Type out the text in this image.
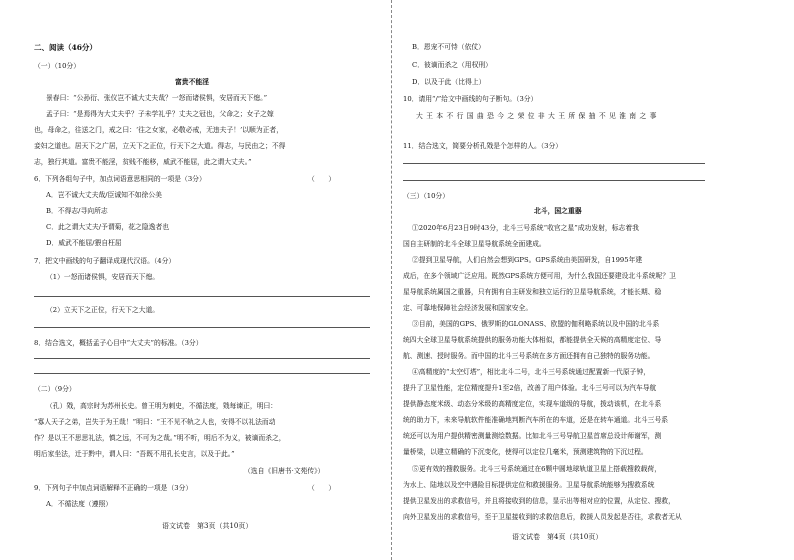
二、阅读（46分）
（一）（10分）
富贵不能淫
景春曰：“公孙衍、张仪岂不诚大丈夫哉？一怒而诸侯惧，安居而天下熄。”
孟子曰：“是焉得为大丈夫乎？子未学礼乎？丈夫之冠也，父命之；女子之嫁
也，母命之，往送之门，戒之曰：‘往之女家，必敬必戒，无违夫子！’以顺为正者，
妾妇之道也。居天下之广居，立天下之正位，行天下之大道。得志，与民由之；不得
志，独行其道。富贵不能淫，贫贱不能移，威武不能屈，此之谓大丈夫。”
6．下列各组句子中，加点词语意思相同的一项是（3分）	（　　）
A．岂不诚大丈夫哉/臣诚知不如徐公美
B．不得志/寻向所志
C．此之谓大丈夫/予谓菊，花之隐逸者也
D．威武不能屈/猥自枉屈
7．把文中画线的句子翻译成现代汉语。（4分）
（1）一怒而诸侯惧，安居而天下熄。
（2）立天下之正位，行天下之大道。
8．结合选文，概括孟子心目中“大丈夫”的标准。（3分）
（二）（9分）
（孔）戣，高宗时为苏州长史。曾王明为刺史，不循法度，戣每谏正，明曰：
“寡人天子之弟，岂失于为王哉！”明曰：“王不见不轨之人也，安得不以礼法而动
作？是以王不思思礼法，慎之远，不可为之哉。”明不听，明后不为义，被谪而杀之，
明后家坐法，迁于黔中，谓人曰：“吾既不用孔长史言，以及于此。”
（选自《旧唐书·文苑传》）
9．下列句子中加点词语解释不正确的一项是（3分）	（　　）
A．不循法度（遵照）
语文试卷　第3页（共10页）
B．恩宠不可恃（依仗）
C．彼谪而杀之（用权刑）
D．以及于此（比得上）
10．请用“/”给文中画线的句子断句。（3分）
大 王 本 不 行 国 曲 恐 今 之 荣 位 非 大 王 所 保 抽 不 见 淮 南 之 事
11．结合选文，简要分析孔戣是个怎样的人。（3分）
（三）（10分）
北斗，国之重器
①2020年6月23日9时43分，北斗三号系统“收官之星”成功发射，标志着我
国自主研制的北斗全球卫星导航系统全面建成。
②提到卫星导航，人们自然会想到GPS。GPS系统由美国研发，自1995年建
成后，在多个领域广泛应用。既然GPS系统方便可用，为什么我国还要建设北斗系统呢？卫
星导航系统属国之重器，只有拥有自主研发和独立运行的卫星导航系统，才能长期、稳
定、可靠地保障社会经济发展和国家安全。
③目前，美国的GPS、俄罗斯的GLONASS、欧盟的伽利略系统以及中国的北斗系
统四大全球卫星导航系统提供的服务功能大体相似，都能提供全天候的高精度定位、导
航、测速、授时服务。而中国的北斗三号系统在多方面还拥有自己独特的服务功能。
④高精度的“太空灯塔”，相比北斗二号，北斗三号系统通过配置新一代原子钟，
提升了卫星性能，定位精度提升1至2倍，改善了用户体验。北斗三号可以为汽车导航
提供静态度米级、动态分米级的高精度定位，实现车道级的导航，拨动该机，在北斗系
统的助力下，未来导航软件能准确地判断汽车所在的车道，还是在转车通道。北斗三号系
统还可以为用户提供精密测量测绘数据。比如北斗三号导航卫星首席总设计师谢军，测
量桥梁，以建立精确的下沉变化，使得可以定位几毫米，预测建筑物的下沉过程。
⑤更有效的搜救服务。北斗三号系统通过在6颗中圆地球轨道卫星上搭载搜救载荷，
为水上、陆地以及空中遇险目标提供定位和救援服务。卫星导航系统能够为搜救系统
提供卫星发出的求救信号，并且将接收到的信息，显示出等相对应的位置，从定位、搜救，
向外卫星发出的求救信号，至于卫星接收到的求救信息后，救援人员发起是否往，求救者无从
语文试卷　第4页（共10页）
